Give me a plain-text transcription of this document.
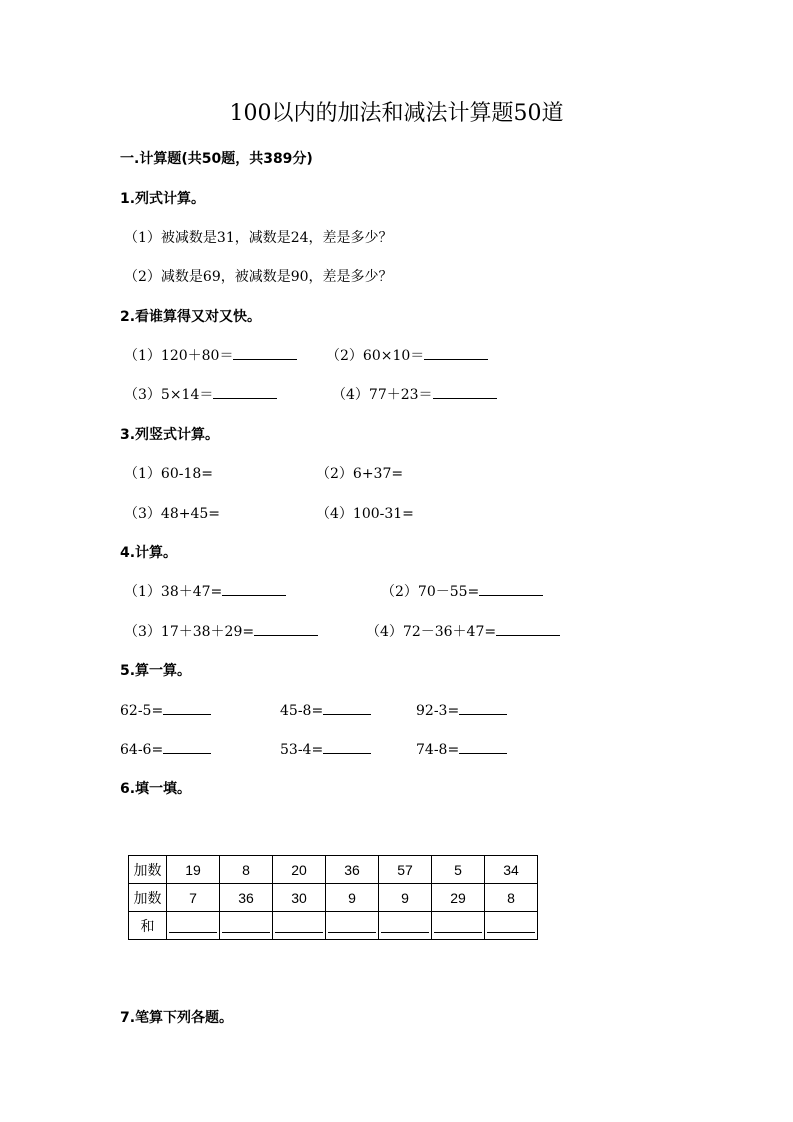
100以内的加法和减法计算题50道
一.计算题(共50题，共389分)
1.列式计算。
（1）被减数是31，减数是24，差是多少？
（2）减数是69，被减数是90，差是多少？
2.看谁算得又对又快。
（1）120＋80＝	（2）60×10＝
（3）5×14＝	（4）77＋23＝
3.列竖式计算。
（1）60-18=	（2）6+37=
（3）48+45=	（4）100-31=
4.计算。
（1）38＋47=	（2）70－55=
（3）17＋38＋29=	（4）72－36＋47=
5.算一算。
62-5=	45-8=	92-3=
64-6=	53-4=	74-8=
6.填一填。
加数	19	8	20	36	57	5	34
加数	7	36	30	9	9	29	8
和							
7.笔算下列各题。
